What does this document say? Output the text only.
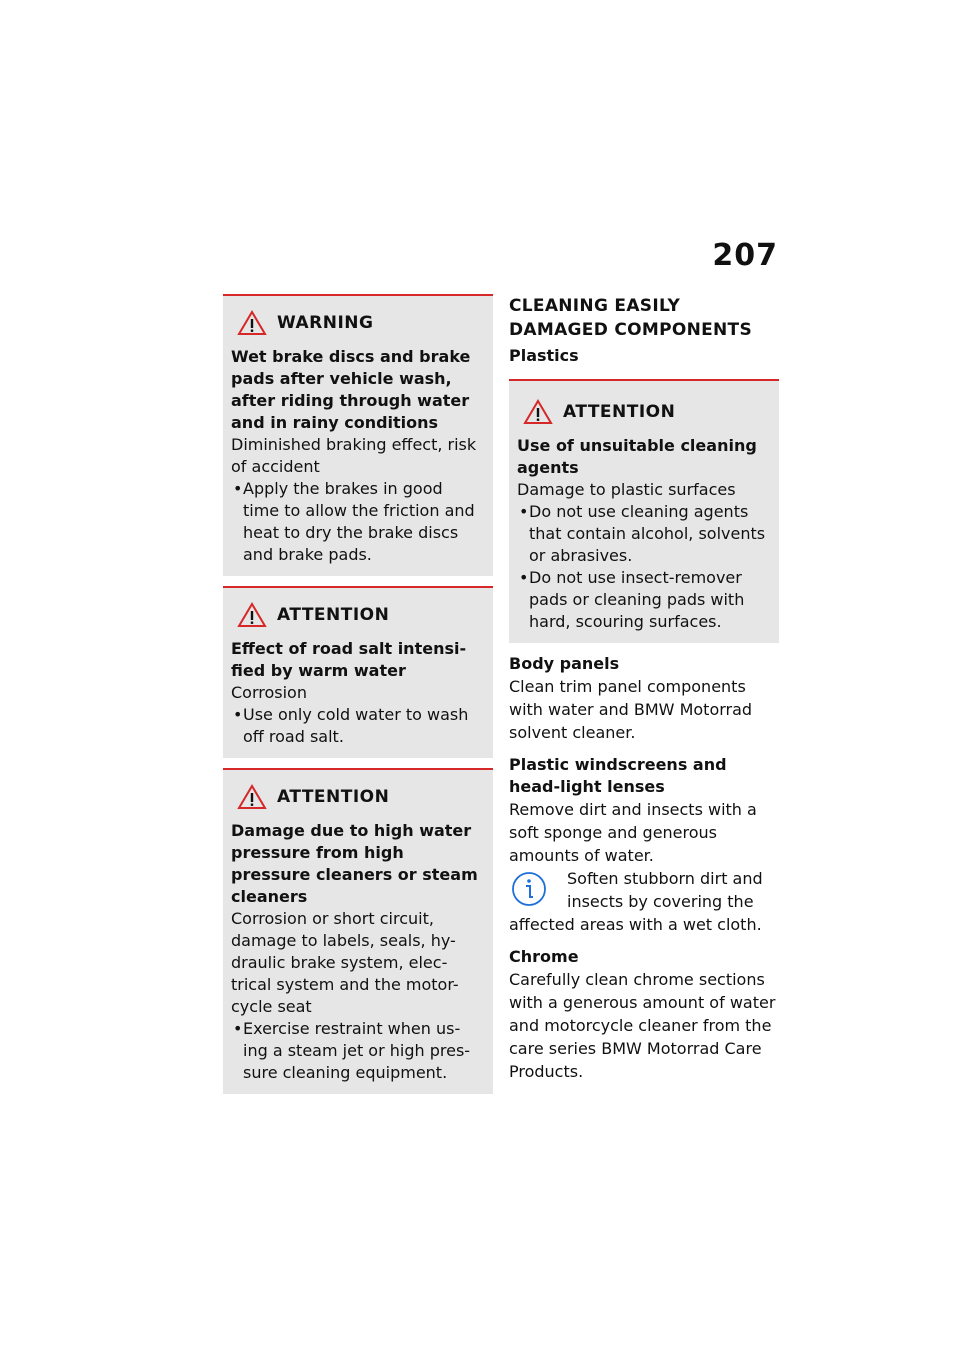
207
WARNING
Wet brake discs and brake pads after vehicle wash, after riding through water and in rainy conditions
Diminished braking effect, risk of accident
• Apply the brakes in good time to allow the friction and heat to dry the brake discs and brake pads.
ATTENTION
Effect of road salt intensi-fied by warm water
Corrosion
• Use only cold water to wash off road salt.
ATTENTION
Damage due to high water pressure from high pressure cleaners or steam cleaners
Corrosion or short circuit, damage to labels, seals, hy-draulic brake system, elec-trical system and the motor-cycle seat
• Exercise restraint when us-ing a steam jet or high pres-sure cleaning equipment.
CLEANING EASILY DAMAGED COMPONENTS
Plastics
ATTENTION
Use of unsuitable cleaning agents
Damage to plastic surfaces
• Do not use cleaning agents that contain alcohol, solvents or abrasives.
• Do not use insect-remover pads or cleaning pads with hard, scouring surfaces.
Body panels
Clean trim panel components with water and BMW Motorrad solvent cleaner.
Plastic windscreens and head-light lenses
Remove dirt and insects with a soft sponge and generous amounts of water.
Soften stubborn dirt and
insects by covering the
affected areas with a wet cloth.
Chrome
Carefully clean chrome sections with a generous amount of water and motorcycle cleaner from the care series BMW Motorrad Care Products.
